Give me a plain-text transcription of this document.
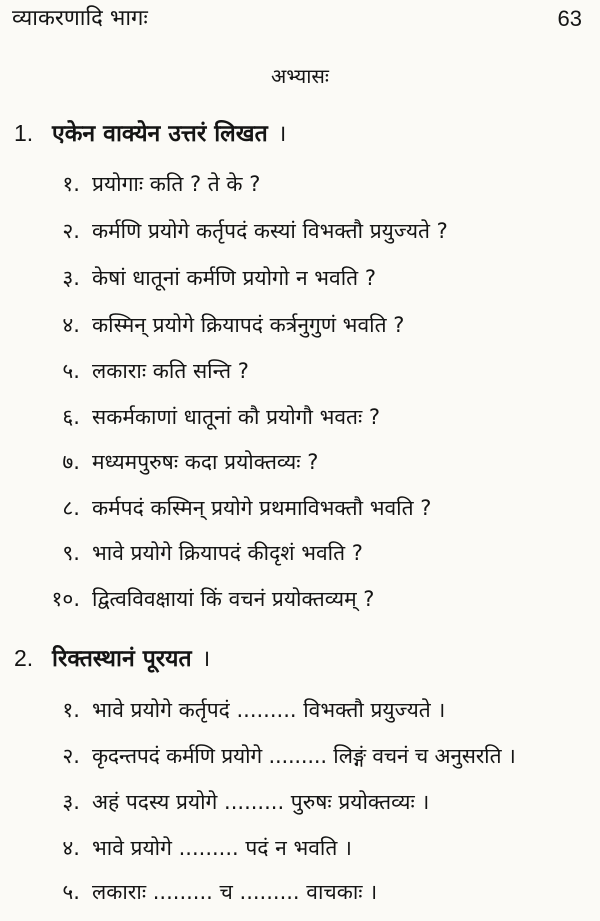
व्याकरणादि भागः	63
अभ्यासः
1. एकेन वाक्येन उत्तरं लिखत ।
१. प्रयोगाः कति ? ते के ?
२. कर्मणि प्रयोगे कर्तृपदं कस्यां विभक्तौ प्रयुज्यते ?
३. केषां धातूनां कर्मणि प्रयोगो न भवति ?
४. कस्मिन् प्रयोगे क्रियापदं कर्त्रनुगुणं भवति ?
५. लकाराः कति सन्ति ?
६. सकर्मकाणां धातूनां कौ प्रयोगौ भवतः ?
७. मध्यमपुरुषः कदा प्रयोक्तव्यः ?
८. कर्मपदं कस्मिन् प्रयोगे प्रथमाविभक्तौ भवति ?
९. भावे प्रयोगे क्रियापदं कीदृशं भवति ?
१०. द्वित्वविवक्षायां किं वचनं प्रयोक्तव्यम् ?
2. रिक्तस्थानं पूरयत ।
१. भावे प्रयोगे कर्तृपदं ......... विभक्तौ प्रयुज्यते ।
२. कृदन्तपदं कर्मणि प्रयोगे ......... लिङ्गं वचनं च अनुसरति ।
३. अहं पदस्य प्रयोगे ......... पुरुषः प्रयोक्तव्यः ।
४. भावे प्रयोगे ......... पदं न भवति ।
५. लकाराः ......... च ......... वाचकाः ।
